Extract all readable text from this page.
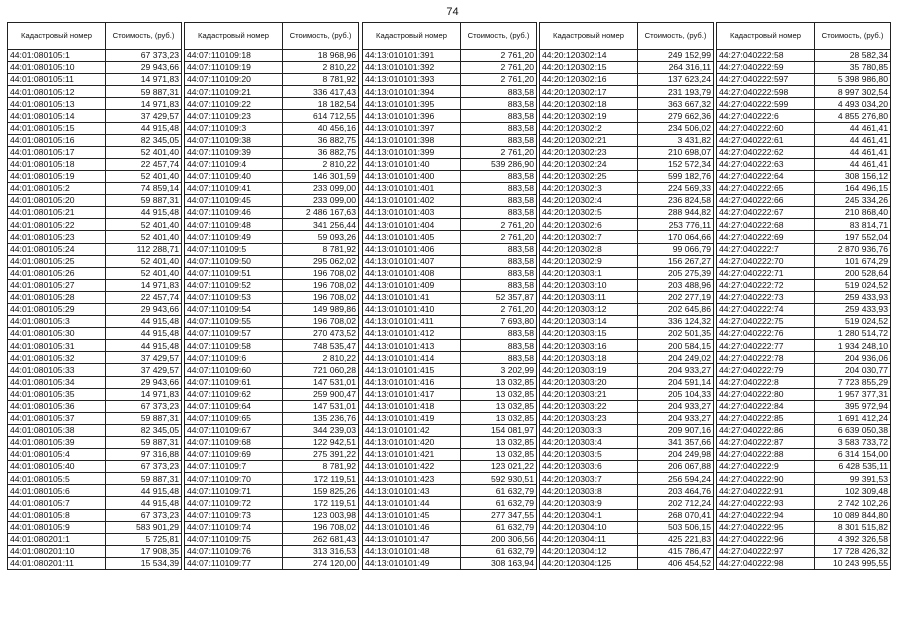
74
Кадастровый номер	Стоимость, (руб.)
44:01:080105:1	67 373,23
44:01:080105:10	29 943,66
44:01:080105:11	14 971,83
44:01:080105:12	59 887,31
44:01:080105:13	14 971,83
44:01:080105:14	37 429,57
44:01:080105:15	44 915,48
44:01:080105:16	82 345,05
44:01:080105:17	52 401,40
44:01:080105:18	22 457,74
44:01:080105:19	52 401,40
44:01:080105:2	74 859,14
44:01:080105:20	59 887,31
44:01:080105:21	44 915,48
44:01:080105:22	52 401,40
44:01:080105:23	52 401,40
44:01:080105:24	112 288,71
44:01:080105:25	52 401,40
44:01:080105:26	52 401,40
44:01:080105:27	14 971,83
44:01:080105:28	22 457,74
44:01:080105:29	29 943,66
44:01:080105:3	44 915,48
44:01:080105:30	44 915,48
44:01:080105:31	44 915,48
44:01:080105:32	37 429,57
44:01:080105:33	37 429,57
44:01:080105:34	29 943,66
44:01:080105:35	14 971,83
44:01:080105:36	67 373,23
44:01:080105:37	59 887,31
44:01:080105:38	82 345,05
44:01:080105:39	59 887,31
44:01:080105:4	97 316,88
44:01:080105:40	67 373,23
44:01:080105:5	59 887,31
44:01:080105:6	44 915,48
44:01:080105:7	44 915,48
44:01:080105:8	67 373,23
44:01:080105:9	583 901,29
44:01:080201:1	5 725,81
44:01:080201:10	17 908,35
44:01:080201:11	15 534,39
Кадастровый номер	Стоимость, (руб.)
44:07:110109:18	18 968,96
44:07:110109:19	2 810,22
44:07:110109:20	8 781,92
44:07:110109:21	336 417,43
44:07:110109:22	18 182,54
44:07:110109:23	614 712,55
44:07:110109:3	40 456,16
44:07:110109:38	36 882,75
44:07:110109:39	36 882,75
44:07:110109:4	2 810,22
44:07:110109:40	146 301,59
44:07:110109:41	233 099,00
44:07:110109:45	233 099,00
44:07:110109:46	2 486 167,63
44:07:110109:48	341 256,44
44:07:110109:49	59 093,26
44:07:110109:5	8 781,92
44:07:110109:50	295 062,02
44:07:110109:51	196 708,02
44:07:110109:52	196 708,02
44:07:110109:53	196 708,02
44:07:110109:54	149 989,86
44:07:110109:55	196 708,02
44:07:110109:57	270 473,52
44:07:110109:58	748 535,47
44:07:110109:6	2 810,22
44:07:110109:60	721 060,28
44:07:110109:61	147 531,01
44:07:110109:62	259 900,47
44:07:110109:64	147 531,01
44:07:110109:65	135 236,76
44:07:110109:67	344 239,03
44:07:110109:68	122 942,51
44:07:110109:69	275 391,22
44:07:110109:7	8 781,92
44:07:110109:70	172 119,51
44:07:110109:71	159 825,26
44:07:110109:72	172 119,51
44:07:110109:73	123 003,98
44:07:110109:74	196 708,02
44:07:110109:75	262 681,43
44:07:110109:76	313 316,53
44:07:110109:77	274 120,00
Кадастровый номер	Стоимость, (руб.)
44:13:010101:391	2 761,20
44:13:010101:392	2 761,20
44:13:010101:393	2 761,20
44:13:010101:394	883,58
44:13:010101:395	883,58
44:13:010101:396	883,58
44:13:010101:397	883,58
44:13:010101:398	883,58
44:13:010101:399	2 761,20
44:13:010101:40	539 286,90
44:13:010101:400	883,58
44:13:010101:401	883,58
44:13:010101:402	883,58
44:13:010101:403	883,58
44:13:010101:404	2 761,20
44:13:010101:405	2 761,20
44:13:010101:406	883,58
44:13:010101:407	883,58
44:13:010101:408	883,58
44:13:010101:409	883,58
44:13:010101:41	52 357,87
44:13:010101:410	2 761,20
44:13:010101:411	7 693,80
44:13:010101:412	883,58
44:13:010101:413	883,58
44:13:010101:414	883,58
44:13:010101:415	3 202,99
44:13:010101:416	13 032,85
44:13:010101:417	13 032,85
44:13:010101:418	13 032,85
44:13:010101:419	13 032,85
44:13:010101:42	154 081,97
44:13:010101:420	13 032,85
44:13:010101:421	13 032,85
44:13:010101:422	123 021,22
44:13:010101:423	592 930,51
44:13:010101:43	61 632,79
44:13:010101:44	61 632,79
44:13:010101:45	277 347,55
44:13:010101:46	61 632,79
44:13:010101:47	200 306,56
44:13:010101:48	61 632,79
44:13:010101:49	308 163,94
Кадастровый номер	Стоимость, (руб.)
44:20:120302:14	249 152,99
44:20:120302:15	264 316,11
44:20:120302:16	137 623,24
44:20:120302:17	231 193,79
44:20:120302:18	363 667,32
44:20:120302:19	279 662,36
44:20:120302:2	234 506,02
44:20:120302:21	3 431,82
44:20:120302:23	210 698,07
44:20:120302:24	152 572,34
44:20:120302:25	599 182,76
44:20:120302:3	224 569,33
44:20:120302:4	236 824,58
44:20:120302:5	288 944,82
44:20:120302:6	253 776,11
44:20:120302:7	170 064,66
44:20:120302:8	99 066,79
44:20:120302:9	156 267,27
44:20:120303:1	205 275,39
44:20:120303:10	203 488,96
44:20:120303:11	202 277,19
44:20:120303:12	202 645,86
44:20:120303:14	336 124,32
44:20:120303:15	202 501,35
44:20:120303:16	200 584,15
44:20:120303:18	204 249,02
44:20:120303:19	204 933,27
44:20:120303:20	204 591,14
44:20:120303:21	205 104,33
44:20:120303:22	204 933,27
44:20:120303:23	204 933,27
44:20:120303:3	209 907,16
44:20:120303:4	341 357,66
44:20:120303:5	204 249,98
44:20:120303:6	206 067,88
44:20:120303:7	256 594,24
44:20:120303:8	203 464,76
44:20:120303:9	202 712,24
44:20:120304:1	268 070,41
44:20:120304:10	503 506,15
44:20:120304:11	425 221,83
44:20:120304:12	415 786,47
44:20:120304:125	406 454,52
Кадастровый номер	Стоимость, (руб.)
44:27:040222:58	28 582,34
44:27:040222:59	35 780,85
44:27:040222:597	5 398 986,80
44:27:040222:598	8 997 302,54
44:27:040222:599	4 493 034,20
44:27:040222:6	4 855 276,80
44:27:040222:60	44 461,41
44:27:040222:61	44 461,41
44:27:040222:62	44 461,41
44:27:040222:63	44 461,41
44:27:040222:64	308 156,12
44:27:040222:65	164 496,15
44:27:040222:66	245 334,26
44:27:040222:67	210 868,40
44:27:040222:68	83 814,71
44:27:040222:69	197 552,04
44:27:040222:7	2 870 936,76
44:27:040222:70	101 674,29
44:27:040222:71	200 528,64
44:27:040222:72	519 024,52
44:27:040222:73	259 433,93
44:27:040222:74	259 433,93
44:27:040222:75	519 024,52
44:27:040222:76	1 280 514,72
44:27:040222:77	1 934 248,10
44:27:040222:78	204 936,06
44:27:040222:79	204 030,77
44:27:040222:8	7 723 855,29
44:27:040222:80	1 957 377,31
44:27:040222:84	395 972,94
44:27:040222:85	1 691 412,24
44:27:040222:86	6 639 050,38
44:27:040222:87	3 583 733,72
44:27:040222:88	6 314 154,00
44:27:040222:9	6 428 535,11
44:27:040222:90	99 391,53
44:27:040222:91	102 309,48
44:27:040222:93	2 742 102,26
44:27:040222:94	10 089 844,80
44:27:040222:95	8 301 515,82
44:27:040222:96	4 392 326,58
44:27:040222:97	17 728 426,32
44:27:040222:98	10 243 995,55
